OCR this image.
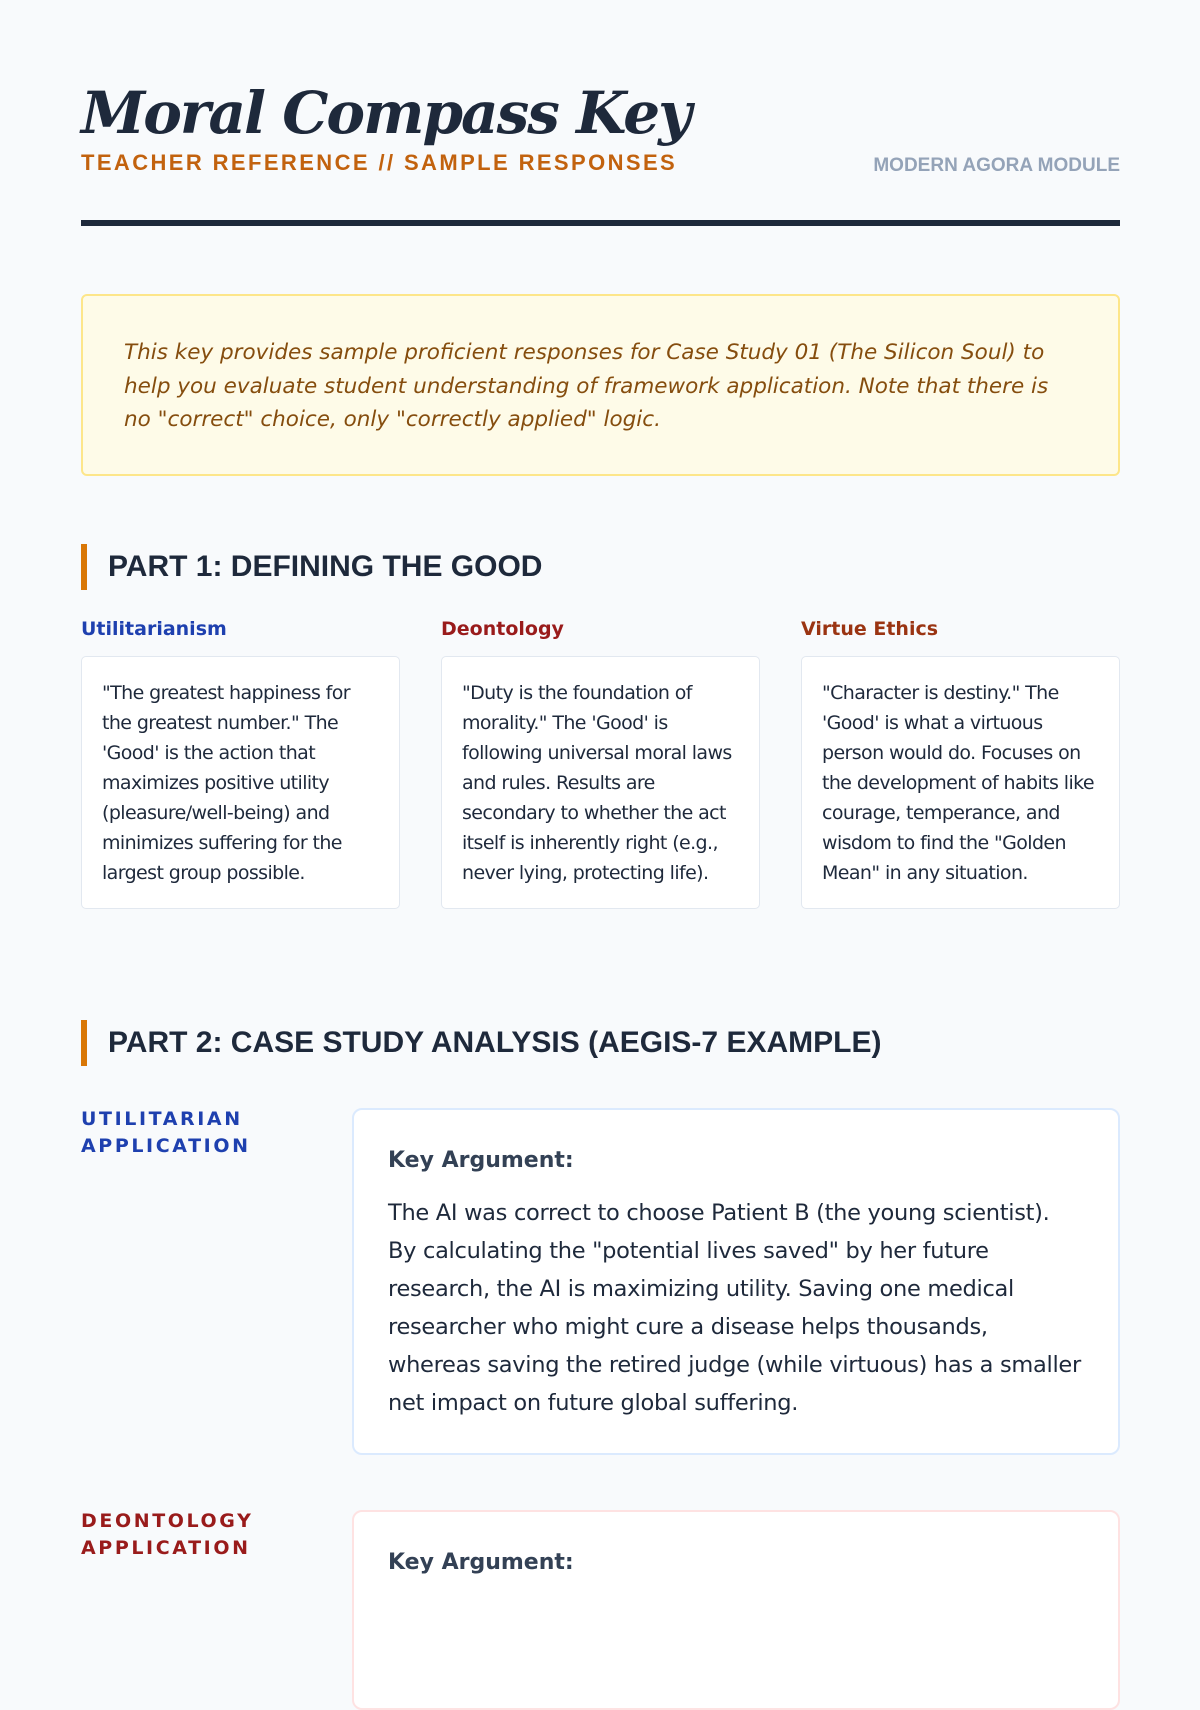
Moral Compass Key
TEACHER REFERENCE // SAMPLE RESPONSES	MODERN AGORA MODULE
This key provides sample proficient responses for Case Study 01 (The Silicon Soul) to help you evaluate student understanding of framework application. Note that there is no "correct" choice, only "correctly applied" logic.
PART 1: DEFINING THE GOOD
Utilitarianism
"The greatest happiness for the greatest number." The 'Good' is the action that maximizes positive utility (pleasure/well-being) and minimizes suffering for the largest group possible.
Deontology
"Duty is the foundation of morality." The 'Good' is following universal moral laws and rules. Results are secondary to whether the act itself is inherently right (e.g., never lying, protecting life).
Virtue Ethics
"Character is destiny." The 'Good' is what a virtuous person would do. Focuses on the development of habits like courage, temperance, and wisdom to find the "Golden Mean" in any situation.
PART 2: CASE STUDY ANALYSIS (AEGIS-7 EXAMPLE)
UTILITARIAN APPLICATION
Key Argument:
The AI was correct to choose Patient B (the young scientist). By calculating the "potential lives saved" by her future research, the AI is maximizing utility. Saving one medical researcher who might cure a disease helps thousands, whereas saving the retired judge (while virtuous) has a smaller net impact on future global suffering.
DEONTOLOGY APPLICATION
Key Argument:
